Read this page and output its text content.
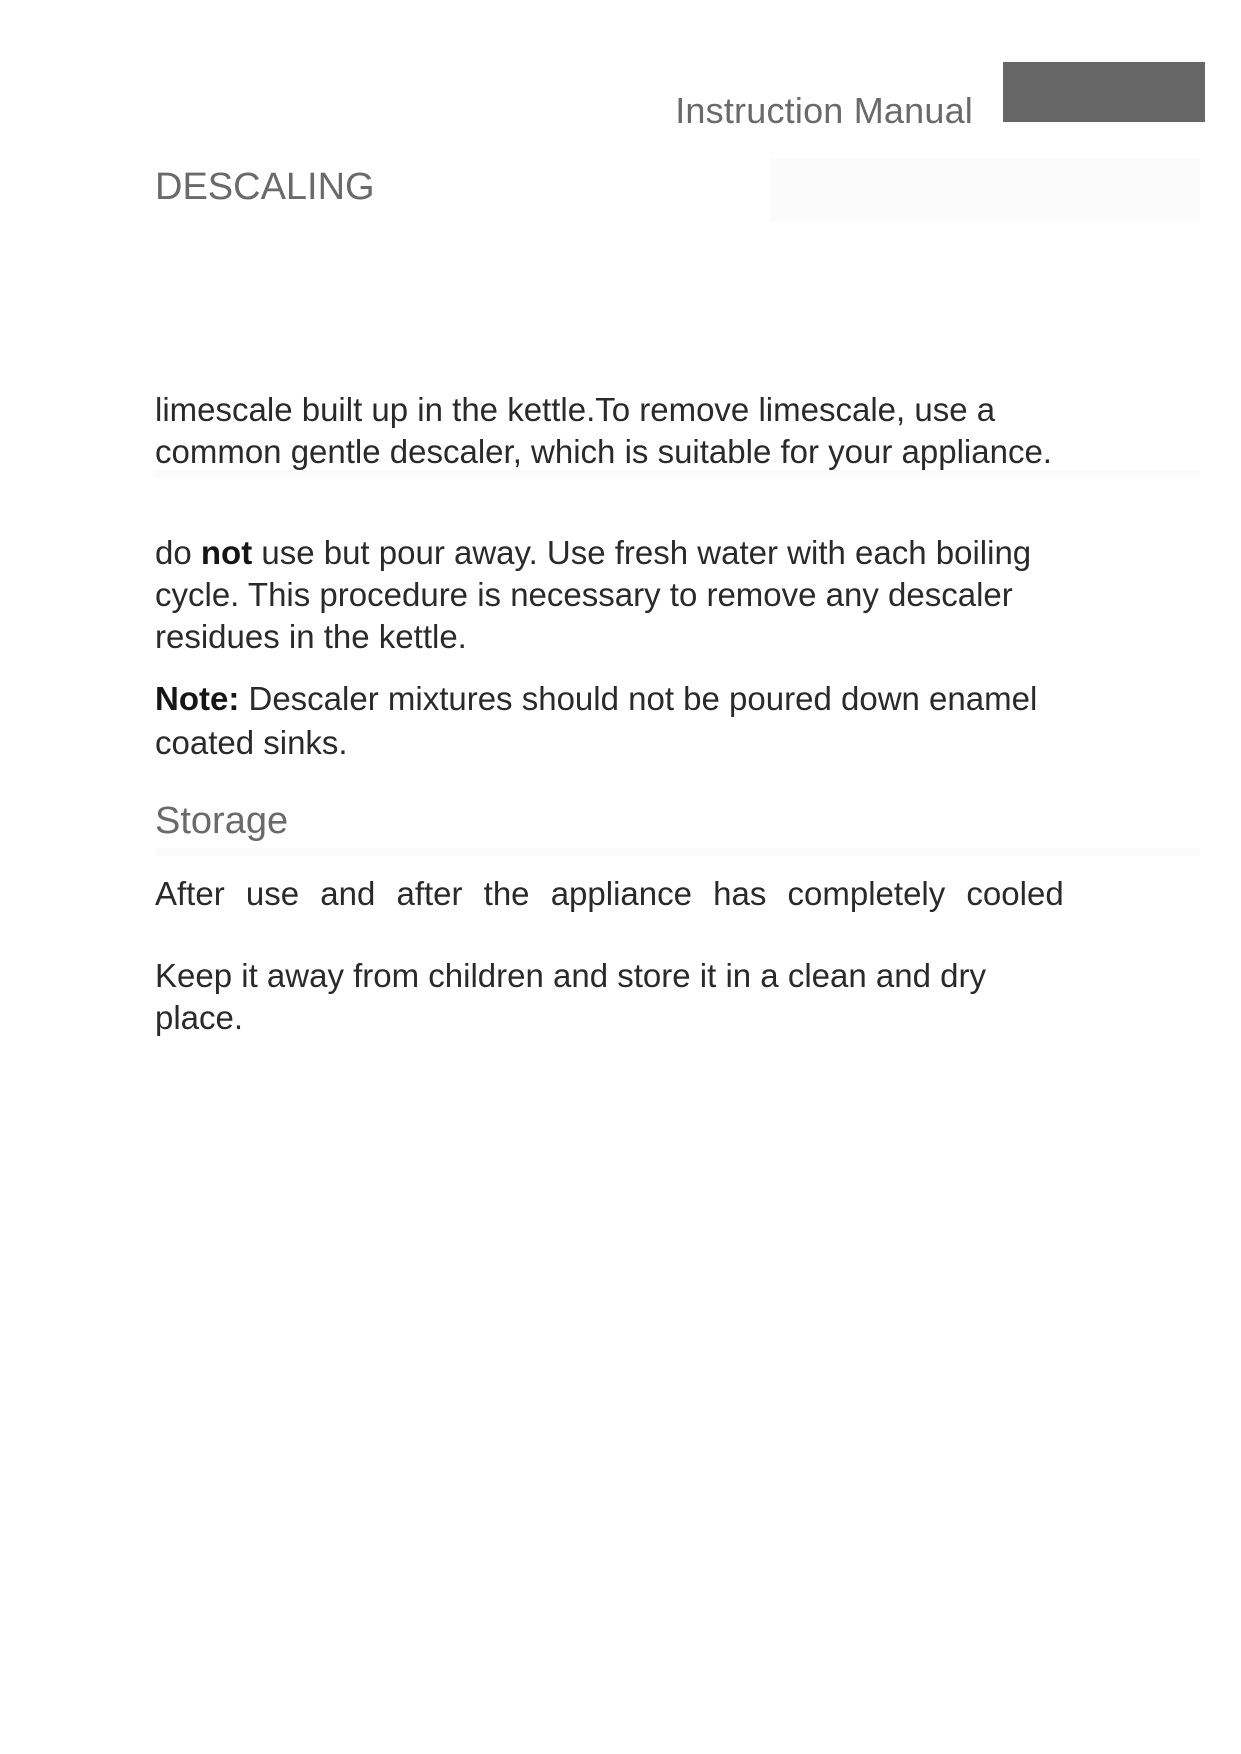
Instruction Manual
DESCALING
limescale built up in the kettle.To remove limescale, use a common gentle descaler, which is suitable for your appliance.
do not use but pour away. Use fresh water with each boiling cycle. This procedure is necessary to remove any descaler residues in the kettle.
Note: Descaler mixtures should not be poured down enamel coated sinks.
Storage
After use and after the appliance has completely cooled
Keep it away from children and store it in a clean and dry place.
